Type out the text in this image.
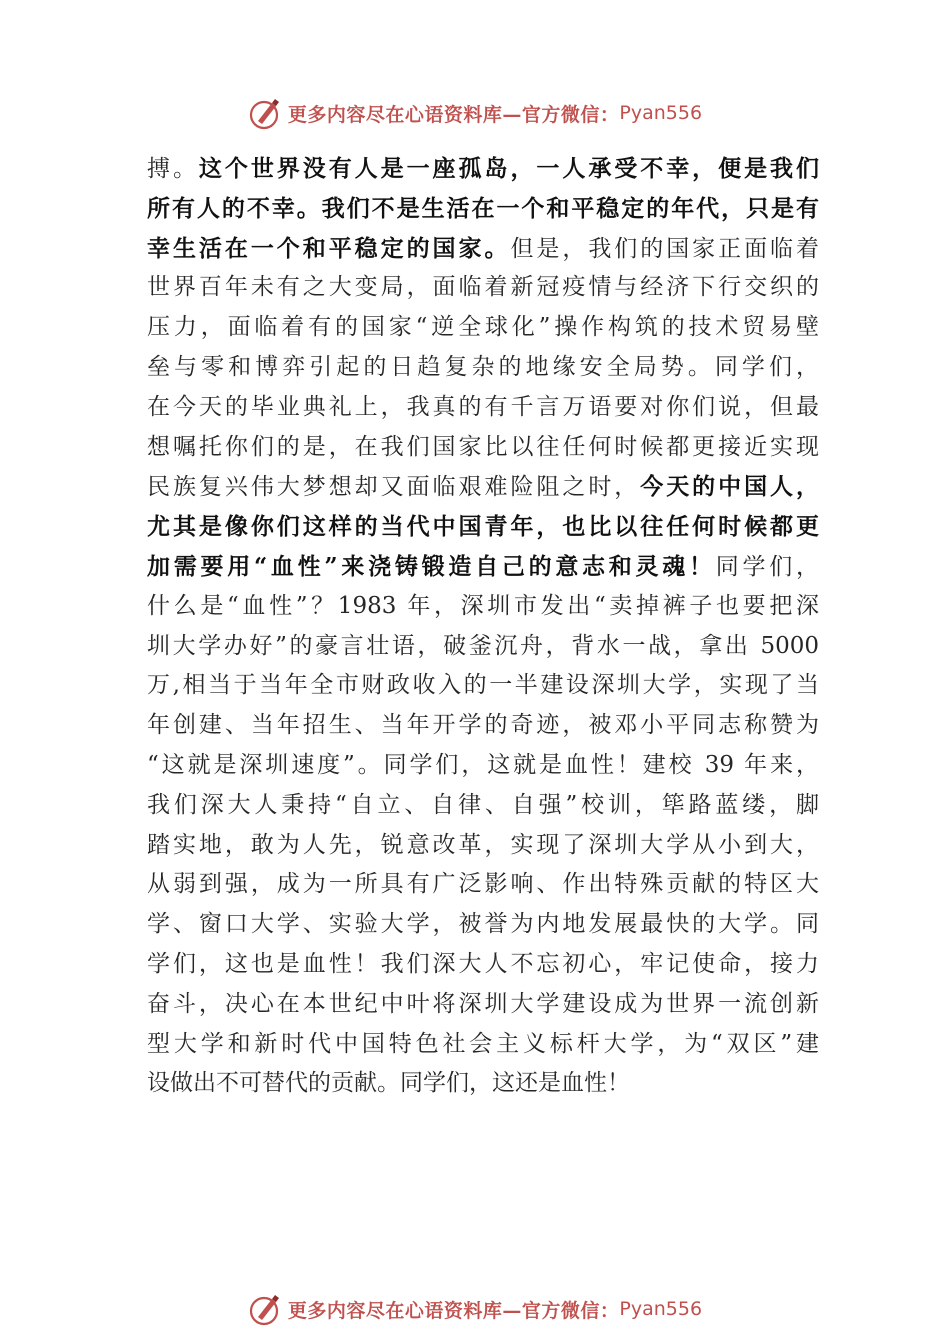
更多内容尽在心语资料库—官方微信： Pyan556
搏。这个世界没有人是一座孤岛，一人承受不幸，便是我们
所有人的不幸。我们不是生活在一个和平稳定的年代，只是有
幸生活在一个和平稳定的国家。但是，我们的国家正面临着
世界百年未有之大变局，面临着新冠疫情与经济下行交织的
压力，面临着有的国家“逆全球化”操作构筑的技术贸易壁
垒与零和博弈引起的日趋复杂的地缘安全局势。同学们，
在今天的毕业典礼上，我真的有千言万语要对你们说，但最
想嘱托你们的是，在我们国家比以往任何时候都更接近实现
民族复兴伟大梦想却又面临艰难险阻之时，今天的中国人，
尤其是像你们这样的当代中国青年，也比以往任何时候都更
加需要用“血性”来浇铸锻造自己的意志和灵魂！同学们，
什么是“血性”？1983 年，深圳市发出“卖掉裤子也要把深
圳大学办好”的豪言壮语，破釜沉舟，背水一战，拿出 5000
万,相当于当年全市财政收入的一半建设深圳大学，实现了当
年创建、当年招生、当年开学的奇迹，被邓小平同志称赞为
“这就是深圳速度”。同学们，这就是血性！建校 39 年来，
我们深大人秉持“自立、自律、自强”校训，筚路蓝缕，脚
踏实地，敢为人先，锐意改革，实现了深圳大学从小到大，
从弱到强，成为一所具有广泛影响、作出特殊贡献的特区大
学、窗口大学、实验大学，被誉为内地发展最快的大学。同
学们，这也是血性！我们深大人不忘初心，牢记使命，接力
奋斗，决心在本世纪中叶将深圳大学建设成为世界一流创新
型大学和新时代中国特色社会主义标杆大学，为“双区”建
设做出不可替代的贡献。同学们，这还是血性！
更多内容尽在心语资料库—官方微信： Pyan556
